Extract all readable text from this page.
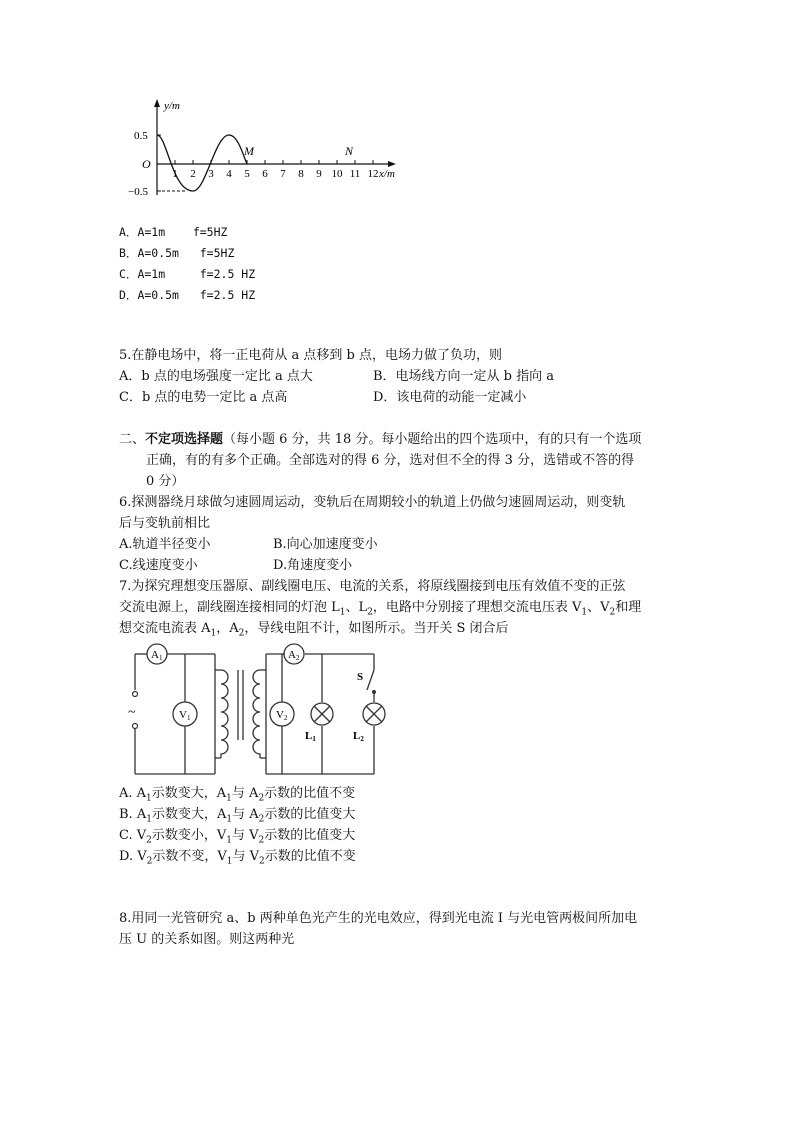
y/m
0.5
−0.5
O
1 2 3 4 5 6 7 8 9 10 11 12 x/m
M	N
A．A=1m    f=5HZ
B．A=0.5m   f=5HZ
C．A=1m     f=2.5 HZ
D．A=0.5m   f=2.5 HZ
5.在静电场中，将一正电荷从 a 点移到 b 点，电场力做了负功，则
A．b 点的电场强度一定比 a 点大	B．电场线方向一定从 b 指向 a
C．b 点的电势一定比 a 点高	D．该电荷的动能一定减小
二、不定项选择题（每小题 6 分，共 18 分。每小题给出的四个选项中，有的只有一个选项
正确，有的有多个正确。全部选对的得 6 分，选对但不全的得 3 分，选错或不答的得
0 分）
6.探测器绕月球做匀速圆周运动，变轨后在周期较小的轨道上仍做匀速圆周运动，则变轨
后与变轨前相比
A.轨道半径变小	B.向心加速度变小
C.线速度变小	D.角速度变小
7.为探究理想变压器原、副线圈电压、电流的关系，将原线圈接到电压有效值不变的正弦
交流电源上，副线圈连接相同的灯泡 $L_1$、$L_2$，电路中分别接了理想交流电压表 $V_1$、$V_2$和理
想交流电流表 $A_1$，$A_2$，导线电阻不计，如图所示。当开关 S 闭合后
~
A1	A2
V1	V2
L1	L2
S
A. $A_1$示数变大，$A_1$与 $A_2$示数的比值不变
B. $A_1$示数变大，$A_1$与 $A_2$示数的比值变大
C. $V_2$示数变小，$V_1$与 $V_2$示数的比值变大
D. $V_2$示数不变，$V_1$与 $V_2$示数的比值不变
8.用同一光管研究 a、b 两种单色光产生的光电效应，得到光电流 I 与光电管两极间所加电
压 U 的关系如图。则这两种光
